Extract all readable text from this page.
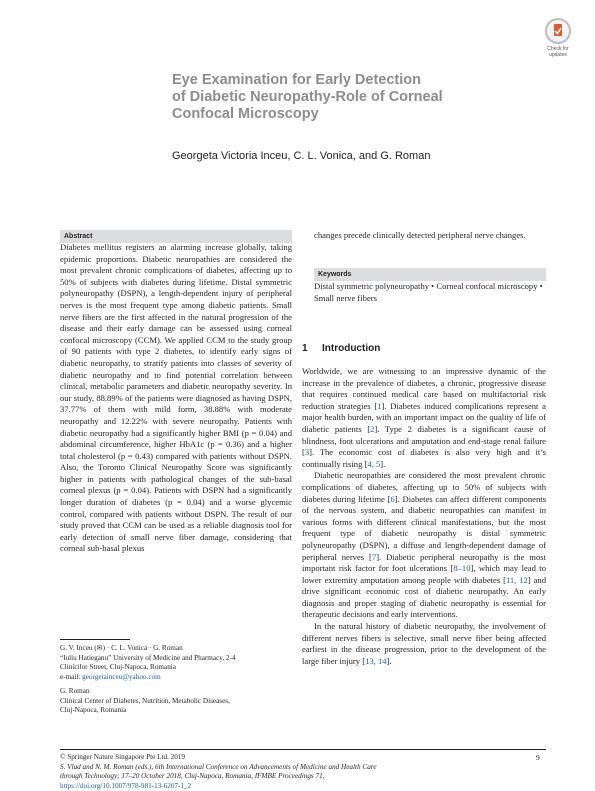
Check for
updates
Eye Examination for Early Detection
of Diabetic Neuropathy-Role of Corneal
Confocal Microscopy
Georgeta Victoria Inceu, C. L. Vonica, and G. Roman
Abstract

Diabetes mellitus registers an alarming increase globally, taking epidemic proportions. Diabetic neuropathies are considered the most prevalent chronic complications of diabetes, affecting up to 50% of subjects with diabetes during lifetime. Distal symmetric polyneuropathy (DSPN), a length-dependent injury of peripheral nerves is the most frequent type among diabetic patients. Small nerve fibers are the first affected in the natural progression of the disease and their early damage can be assessed using corneal confocal microscopy (CCM). We applied CCM to the study group of 90 patients with type 2 diabetes, to identify early signs of diabetic neuropathy, to stratify patients into classes of severity of diabetic neuropathy and to find potential correlation between clinical, metabolic parameters and diabetic neuropathy severity. In our study, 88.89% of the patients were diagnosed as having DSPN, 37.77% of them with mild form, 38.88% with moderate neuropathy and 12.22% with severe neuropathy. Patients with diabetic neuropathy had a significantly higher BMI (p = 0.04) and abdominal circumference, higher HbA1c (p = 0.36) and a higher total cholesterol (p = 0.43) compared with patients without DSPN. Also, the Toronto Clinical Neuropathy Score was significantly higher in patients with pathological changes of the sub-basal corneal plexus (p = 0.04). Patients with DSPN had a significantly longer duration of diabetes (p = 0.04) and a worse glycemic control, compared with patients without DSPN. The result of our study proved that CCM can be used as a reliable diagnosis tool for early detection of small nerve fiber damage, considering that corneal sub-basal plexus

changes precede clinically detected peripheral nerve changes.

Keywords

Distal symmetric polyneuropathy • Corneal confocal microscopy • Small nerve fibers

1 Introduction

Worldwide, we are witnessing to an impressive dynamic of the increase in the prevalence of diabetes, a chronic, progressive disease that requires continued medical care based on multifactorial risk reduction strategies [1]. Diabetes induced complications represent a major health burden, with an important impact on the quality of life of diabetic patients [2]. Type 2 diabetes is a significant cause of blindness, foot ulcerations and amputation and end-stage renal failure [3]. The economic cost of diabetes is also very high and it’s continually rising [4, 5].

Diabetic neuropathies are considered the most prevalent chronic complications of diabetes, affecting up to 50% of subjects with diabetes during lifetime [6]. Diabetes can affect different components of the nervous system, and diabetic neuropathies can manifest in various forms with different clinical manifestations, but the most frequent type of diabetic neuropathy is distal symmetric polyneuropathy (DSPN), a diffuse and length-dependent damage of peripheral nerves [7]. Diabetic peripheral neuropathy is the most important risk factor for foot ulcerations [8–10], which may lead to lower extremity amputation among people with diabetes [11, 12] and drive significant economic cost of diabetic neuropathy. An early diagnosis and proper staging of diabetic neuropathy is essential for therapeutic decisions and early interventions.

In the natural history of diabetic neuropathy, the involvement of different nerves fibers is selective, small nerve fiber being affected earliest in the disease progression, prior to the development of the large fiber injury [13, 14].

G. V. Inceu (✉) · C. L. Vonica · G. Roman

“Iuliu Hatieganu” University of Medicine and Pharmacy, 2-4

Clinicilor Street, Cluj-Napoca, Romania

e-mail: georgetainceu@yahoo.com

G. Roman

Clinical Center of Diabetes, Nutrition, Metabolic Diseases,

Cluj-Napoca, Romania

© Springer Nature Singapore Pte Ltd. 2019

S. Vlad and N. M. Roman (eds.), 6th International Conference on Advancements of Medicine and Health Care

through Technology; 17–20 October 2018, Cluj-Napoca, Romania, IFMBE Proceedings 71,

https://doi.org/10.1007/978-981-13-6207-1_2

9
